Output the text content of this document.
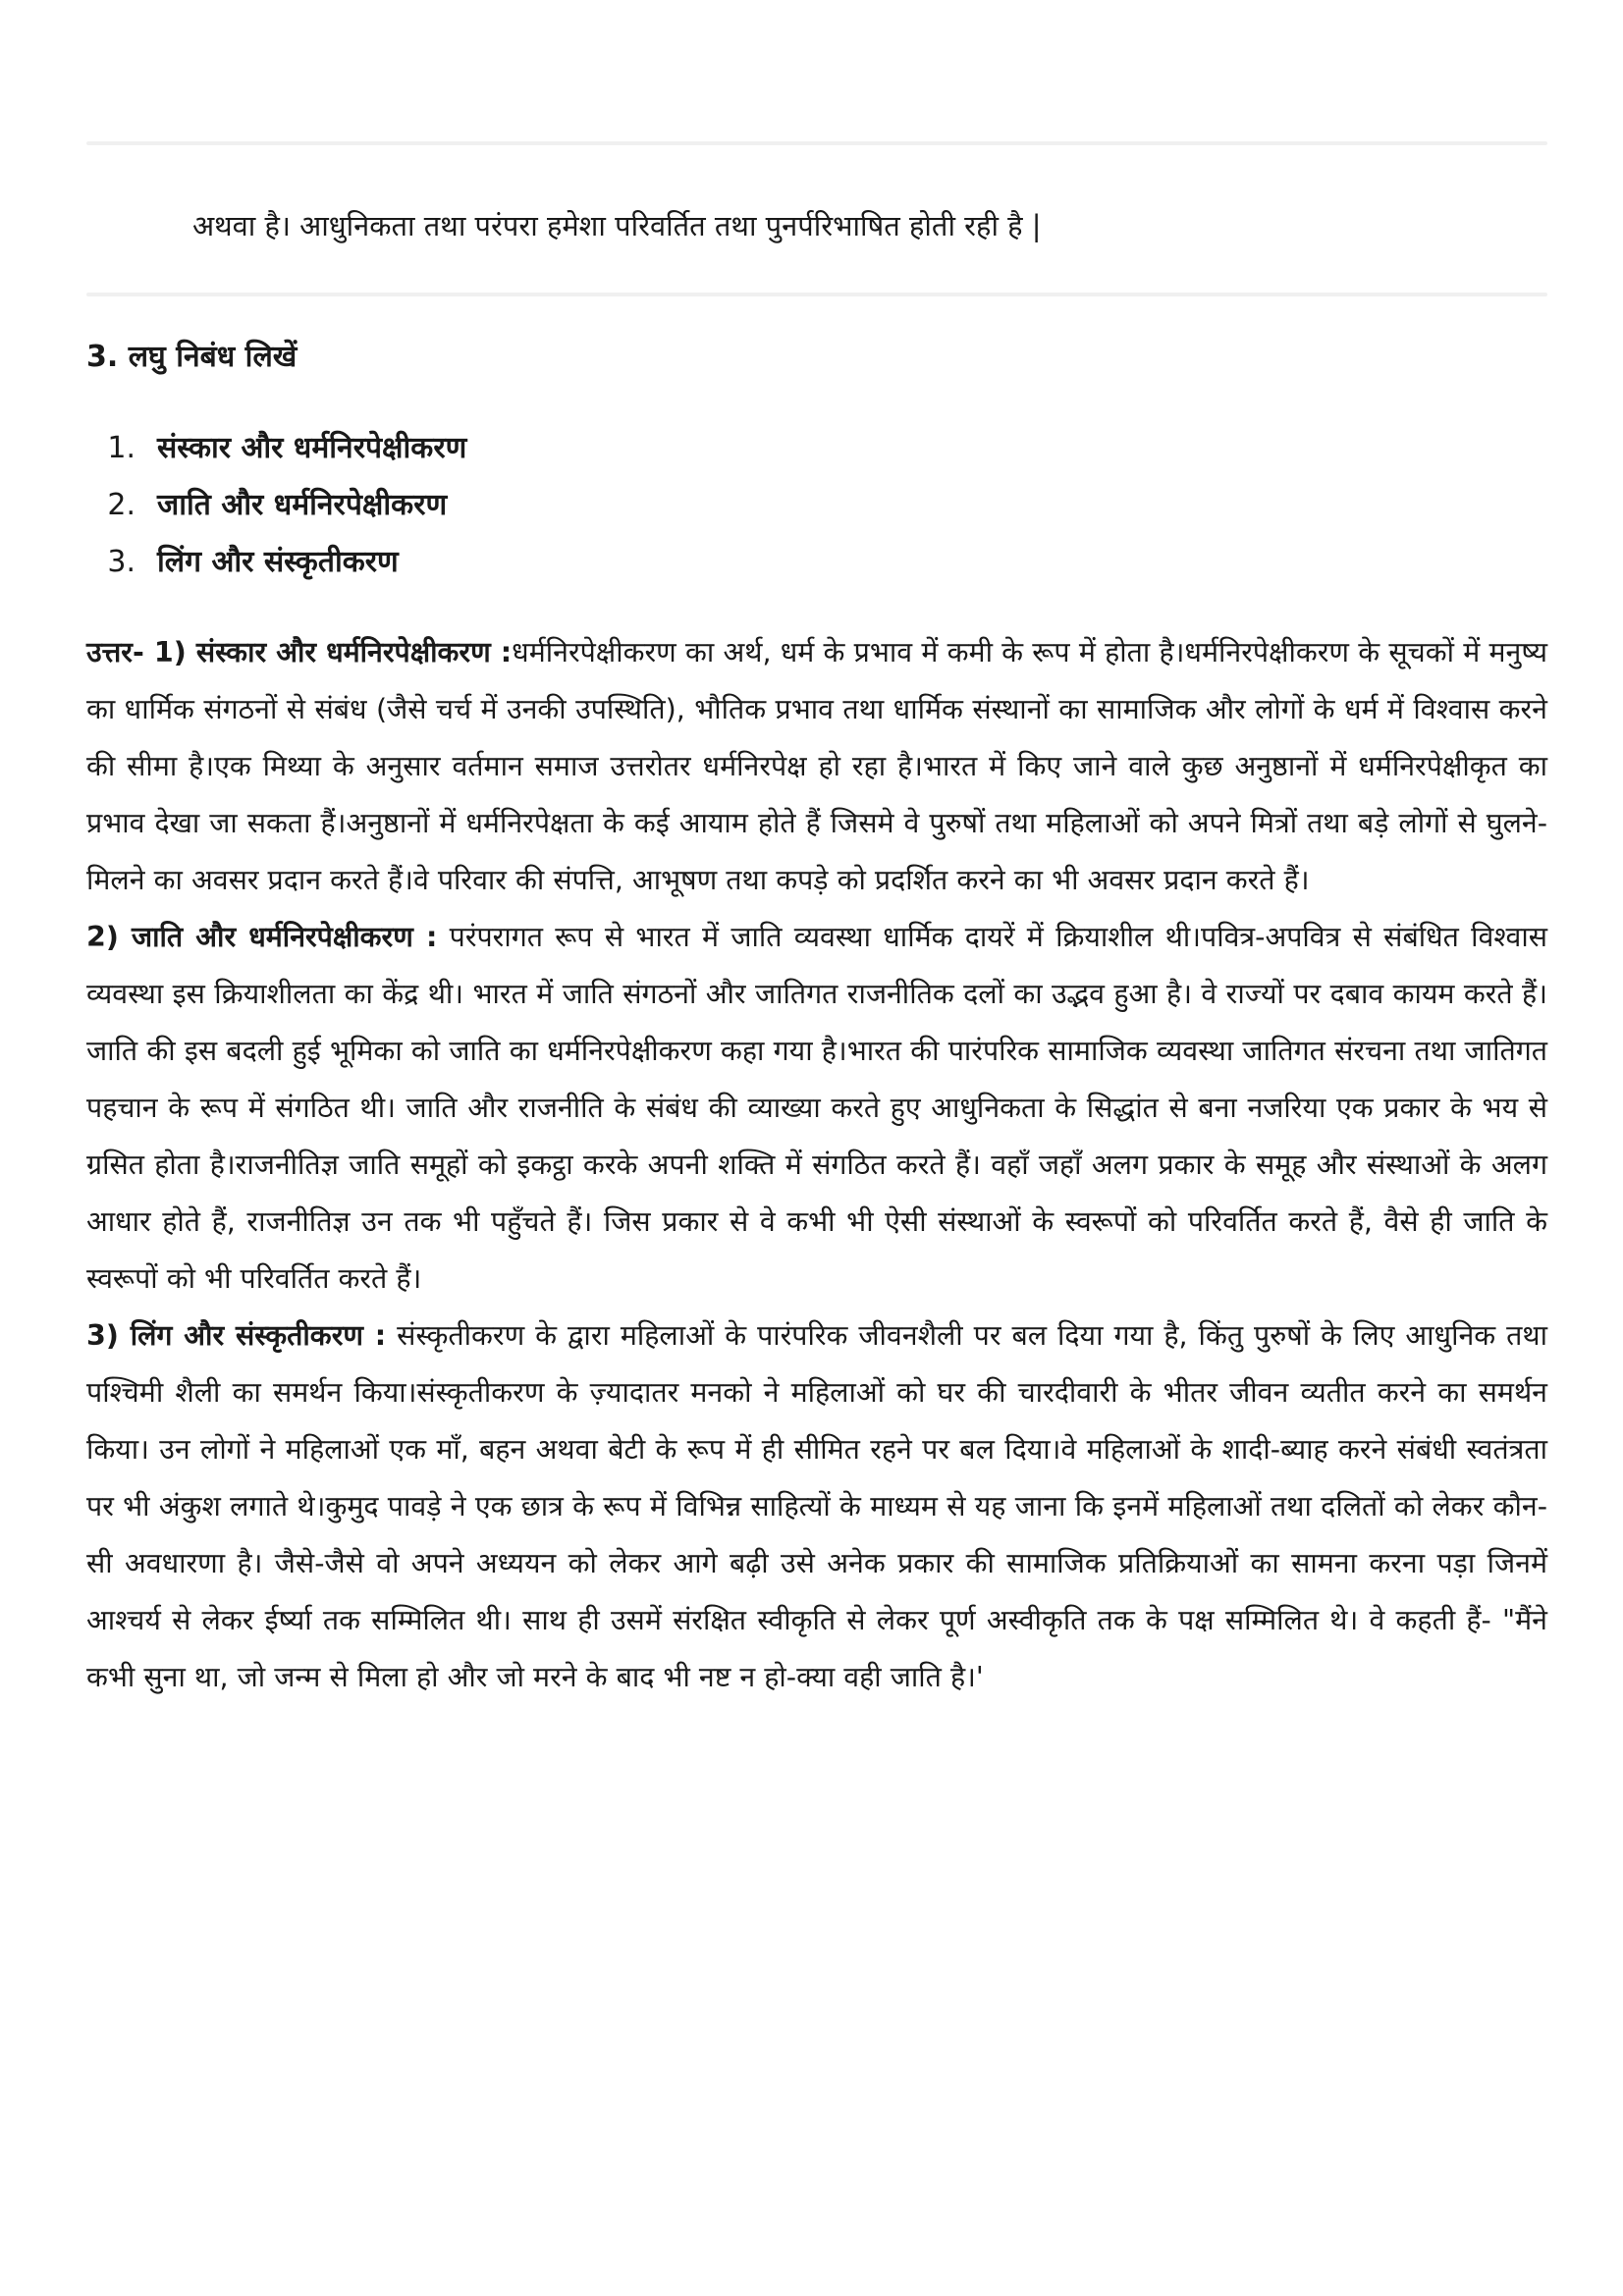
अथवा है। आधुनिकता तथा परंपरा हमेशा परिवर्तित तथा पुनर्परिभाषित होती रही है |

3. लघु निबंध लिखें
1. संस्कार और धर्मनिरपेक्षीकरण
2. जाति और धर्मनिरपेक्षीकरण
3. लिंग और संस्कृतीकरण

उत्तर- 1) संस्कार और धर्मनिरपेक्षीकरण :धर्मनिरपेक्षीकरण का अर्थ, धर्म के प्रभाव में कमी के रूप में होता है।धर्मनिरपेक्षीकरण के सूचकों में मनुष्य का धार्मिक संगठनों से संबंध (जैसे चर्च में उनकी उपस्थिति), भौतिक प्रभाव तथा धार्मिक संस्थानों का सामाजिक और लोगों के धर्म में विश्वास करने की सीमा है।एक मिथ्या के अनुसार वर्तमान समाज उत्तरोतर धर्मनिरपेक्ष हो रहा है।भारत में किए जाने वाले कुछ अनुष्ठानों में धर्मनिरपेक्षीकृत का प्रभाव देखा जा सकता हैं।अनुष्ठानों में धर्मनिरपेक्षता के कई आयाम होते हैं जिसमे वे पुरुषों तथा महिलाओं को अपने मित्रों तथा बड़े लोगों से घुलने-मिलने का अवसर प्रदान करते हैं।वे परिवार की संपत्ति, आभूषण तथा कपड़े को प्रदर्शित करने का भी अवसर प्रदान करते हैं।

2) जाति और धर्मनिरपेक्षीकरण : परंपरागत रूप से भारत में जाति व्यवस्था धार्मिक दायरें में क्रियाशील थी।पवित्र-अपवित्र से संबंधित विश्वास व्यवस्था इस क्रियाशीलता का केंद्र थी। भारत में जाति संगठनों और जातिगत राजनीतिक दलों का उद्भव हुआ है। वे राज्यों पर दबाव कायम करते हैं।जाति की इस बदली हुई भूमिका को जाति का धर्मनिरपेक्षीकरण कहा गया है।भारत की पारंपरिक सामाजिक व्यवस्था जातिगत संरचना तथा जातिगत पहचान के रूप में संगठित थी। जाति और राजनीति के संबंध की व्याख्या करते हुए आधुनिकता के सिद्धांत से बना नजरिया एक प्रकार के भय से ग्रसित होता है।राजनीतिज्ञ जाति समूहों को इकट्ठा करके अपनी शक्ति में संगठित करते हैं। वहाँ जहाँ अलग प्रकार के समूह और संस्थाओं के अलग आधार होते हैं, राजनीतिज्ञ उन तक भी पहुँचते हैं। जिस प्रकार से वे कभी भी ऐसी संस्थाओं के स्वरूपों को परिवर्तित करते हैं, वैसे ही जाति के स्वरूपों को भी परिवर्तित करते हैं।

3) लिंग और संस्कृतीकरण : संस्कृतीकरण के द्वारा महिलाओं के पारंपरिक जीवनशैली पर बल दिया गया है, किंतु पुरुषों के लिए आधुनिक तथा पश्चिमी शैली का समर्थन किया।संस्कृतीकरण के ज़्यादातर मनको ने महिलाओं को घर की चारदीवारी के भीतर जीवन व्यतीत करने का समर्थन किया। उन लोगों ने महिलाओं एक माँ, बहन अथवा बेटी के रूप में ही सीमित रहने पर बल दिया।वे महिलाओं के शादी-ब्याह करने संबंधी स्वतंत्रता पर भी अंकुश लगाते थे।कुमुद पावड़े ने एक छात्र के रूप में विभिन्न साहित्यों के माध्यम से यह जाना कि इनमें महिलाओं तथा दलितों को लेकर कौन-सी अवधारणा है। जैसे-जैसे वो अपने अध्ययन को लेकर आगे बढ़ी उसे अनेक प्रकार की सामाजिक प्रतिक्रियाओं का सामना करना पड़ा जिनमें आश्चर्य से लेकर ईर्ष्या तक सम्मिलित थी। साथ ही उसमें संरक्षित स्वीकृति से लेकर पूर्ण अस्वीकृति तक के पक्ष सम्मिलित थे। वे कहती हैं- "मैंने कभी सुना था, जो जन्म से मिला हो और जो मरने के बाद भी नष्ट न हो-क्या वही जाति है।'
